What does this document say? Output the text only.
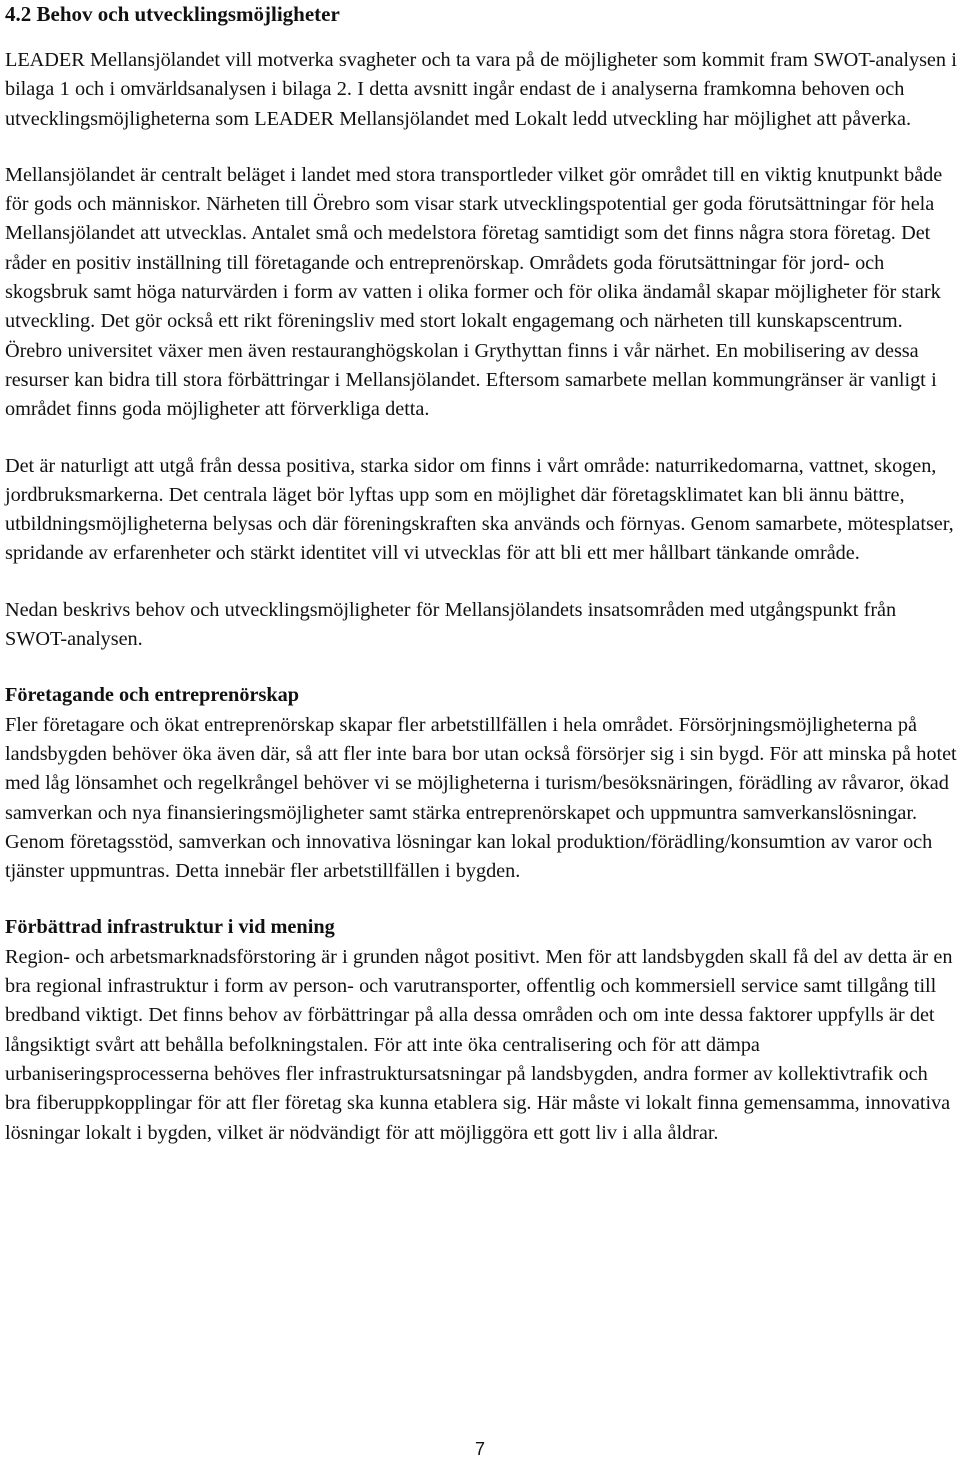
4.2 Behov och utvecklingsmöjligheter

LEADER Mellansjölandet vill motverka svagheter och ta vara på de möjligheter som kommit fram SWOT-analysen i bilaga 1 och i omvärldsanalysen i bilaga 2. I detta avsnitt ingår endast de i analyserna framkomna behoven och utvecklingsmöjligheterna som LEADER Mellansjölandet med Lokalt ledd utveckling har möjlighet att påverka.

Mellansjölandet är centralt beläget i landet med stora transportleder vilket gör området till en viktig knutpunkt både för gods och människor. Närheten till Örebro som visar stark utvecklingspotential ger goda förutsättningar för hela Mellansjölandet att utvecklas. Antalet små och medelstora företag samtidigt som det finns några stora företag. Det råder en positiv inställning till företagande och entreprenörskap. Områdets goda förutsättningar för jord- och skogsbruk samt höga naturvärden i form av vatten i olika former och för olika ändamål skapar möjligheter för stark utveckling. Det gör också ett rikt föreningsliv med stort lokalt engagemang och närheten till kunskapscentrum. Örebro universitet växer men även restauranghögskolan i Grythyttan finns i vår närhet. En mobilisering av dessa resurser kan bidra till stora förbättringar i Mellansjölandet. Eftersom samarbete mellan kommungränser är vanligt i området finns goda möjligheter att förverkliga detta.

Det är naturligt att utgå från dessa positiva, starka sidor om finns i vårt område: naturrikedomarna, vattnet, skogen, jordbruksmarkerna. Det centrala läget bör lyftas upp som en möjlighet där företagsklimatet kan bli ännu bättre, utbildningsmöjligheterna belysas och där föreningskraften ska används och förnyas. Genom samarbete, mötesplatser, spridande av erfarenheter och stärkt identitet vill vi utvecklas för att bli ett mer hållbart tänkande område.

Nedan beskrivs behov och utvecklingsmöjligheter för Mellansjölandets insatsområden med utgångspunkt från SWOT-analysen.

Företagande och entreprenörskap

Fler företagare och ökat entreprenörskap skapar fler arbetstillfällen i hela området. Försörjningsmöjligheterna på landsbygden behöver öka även där, så att fler inte bara bor utan också försörjer sig i sin bygd. För att minska på hotet med låg lönsamhet och regelkrångel behöver vi se möjligheterna i turism/besöksnäringen, förädling av råvaror, ökad samverkan och nya finansieringsmöjligheter samt stärka entreprenörskapet och uppmuntra samverkanslösningar. Genom företagsstöd, samverkan och innovativa lösningar kan lokal produktion/förädling/konsumtion av varor och tjänster uppmuntras. Detta innebär fler arbetstillfällen i bygden.

Förbättrad infrastruktur i vid mening

Region- och arbetsmarknadsförstoring är i grunden något positivt. Men för att landsbygden skall få del av detta är en bra regional infrastruktur i form av person- och varutransporter, offentlig och kommersiell service samt tillgång till bredband viktigt. Det finns behov av förbättringar på alla dessa områden och om inte dessa faktorer uppfylls är det långsiktigt svårt att behålla befolkningstalen. För att inte öka centralisering och för att dämpa urbaniseringsprocesserna behöves fler infrastruktursatsningar på landsbygden, andra former av kollektivtrafik och bra fiberuppkopplingar för att fler företag ska kunna etablera sig. Här måste vi lokalt finna gemensamma, innovativa lösningar lokalt i bygden, vilket är nödvändigt för att möjliggöra ett gott liv i alla åldrar.

7
